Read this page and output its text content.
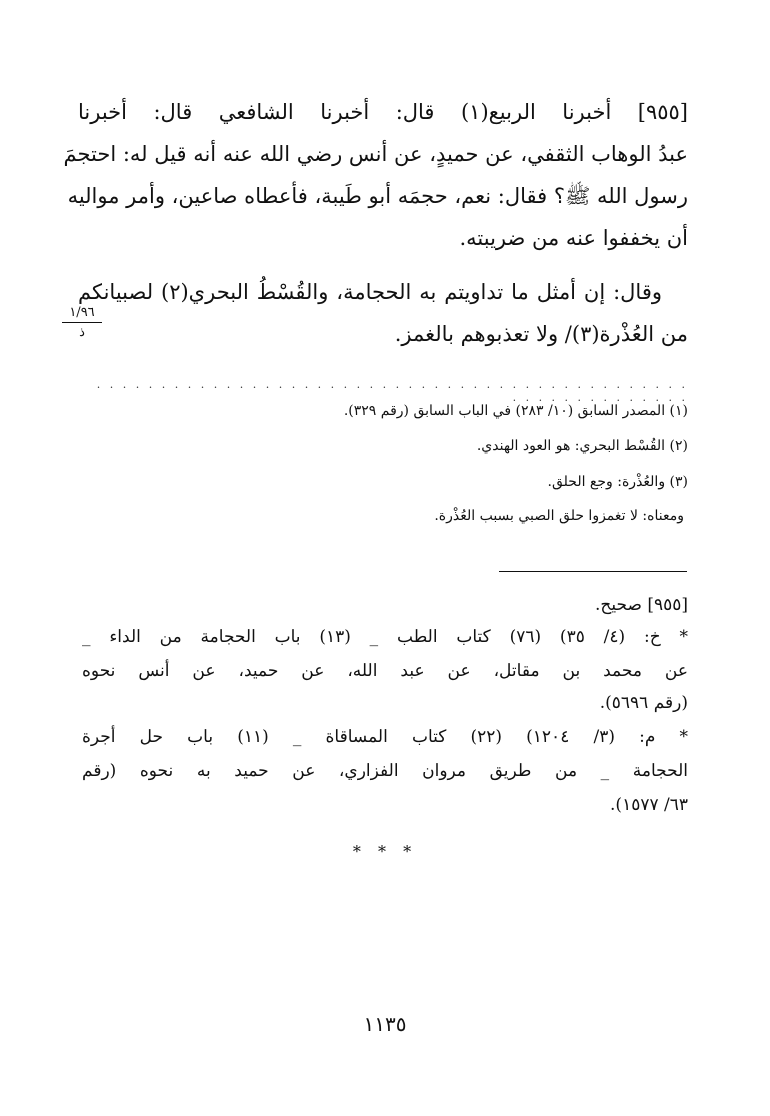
[٩٥٥] أخبرنا الربيع(١) قال: أخبرنا الشافعي قال: أخبرنا
عبدُ الوهاب الثقفي، عن حميدٍ، عن أنس رضي الله عنه أنه قيل له: احتجمَ
رسول الله ﷺ؟ فقال: نعم، حجمَه أبو طَيبة، فأعطاه صاعين، وأمر مواليه
أن يخففوا عنه من ضريبته.
وقال: إن أمثل ما تداويتم به الحجامة، والقُسْطُ البحري(٢) لصبيانكم
من العُذْرة(٣)/ ولا تعذبوهم بالغمز.
١/٩٦
ذ
. . . . . . . . . . . . . . . . . . . . . . . . . . . . . . . . . . . . . . . . . . . . . . . . . . . . . . . . . . . .
(١) المصدر السابق (١٠/ ٢٨٣) في الباب السابق (رقم ٣٢٩).
(٢) القُسْط البحري: هو العود الهندي.
(٣) والعُذْرة: وجع الحلق.
ومعناه: لا تغمزوا حلق الصبي بسبب العُذْرة.
[٩٥٥] صحيح.
* خ: (٤/ ٣٥) (٧٦) كتاب الطب _ (١٣) باب الحجامة من الداء _
عن محمد بن مقاتل، عن عبد الله، عن حميد، عن أنس نحوه
(رقم ٥٦٩٦).
* م: (٣/ ١٢٠٤) (٢٢) كتاب المساقاة _ (١١) باب حل أجرة
الحجامة _ من طريق مروان الفزاري، عن حميد به نحوه (رقم
٦٣/ ١٥٧٧).
* * *
١١٣٥
